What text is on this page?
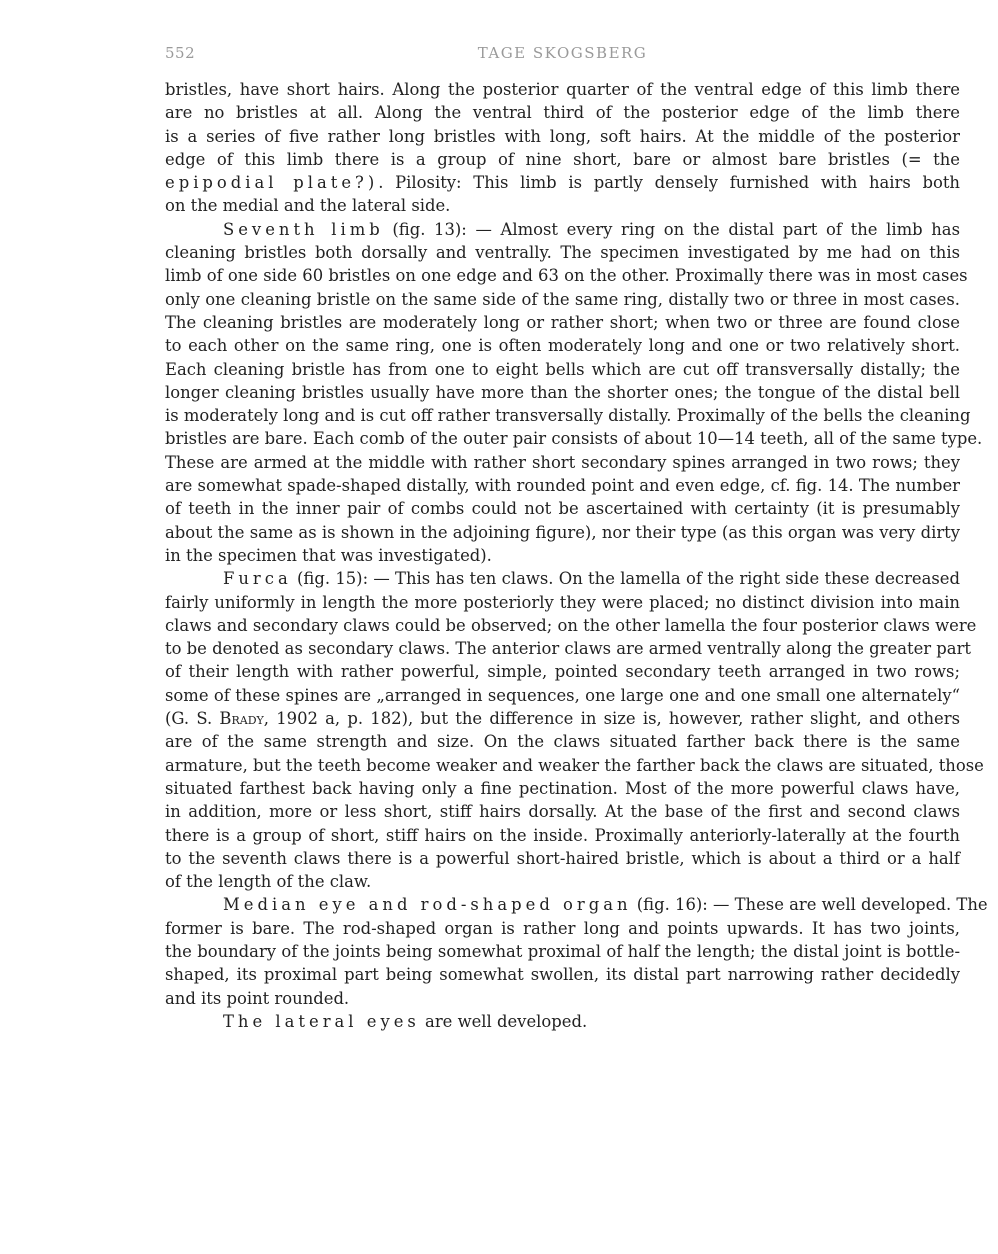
552	TAGE SKOGSBERG
bristles, have short hairs. Along the posterior quarter of the ventral edge of this limb there
are no bristles at all. Along the ventral third of the posterior edge of the limb there
is a series of five rather long bristles with long, soft hairs. At the middle of the posterior
edge of this limb there is a group of nine short, bare or almost bare bristles (= the
epipodial plate?). Pilosity: This limb is partly densely furnished with hairs both
on the medial and the lateral side.
Seventh limb (fig. 13): — Almost every ring on the distal part of the limb has
cleaning bristles both dorsally and ventrally. The specimen investigated by me had on this
limb of one side 60 bristles on one edge and 63 on the other. Proximally there was in most cases
only one cleaning bristle on the same side of the same ring, distally two or three in most cases.
The cleaning bristles are moderately long or rather short; when two or three are found close
to each other on the same ring, one is often moderately long and one or two relatively short.
Each cleaning bristle has from one to eight bells which are cut off transversally distally; the
longer cleaning bristles usually have more than the shorter ones; the tongue of the distal bell
is moderately long and is cut off rather transversally distally. Proximally of the bells the cleaning
bristles are bare. Each comb of the outer pair consists of about 10—14 teeth, all of the same type.
These are armed at the middle with rather short secondary spines arranged in two rows; they
are somewhat spade-shaped distally, with rounded point and even edge, cf. fig. 14. The number
of teeth in the inner pair of combs could not be ascertained with certainty (it is presumably
about the same as is shown in the adjoining figure), nor their type (as this organ was very dirty
in the specimen that was investigated).
Furca (fig. 15): — This has ten claws. On the lamella of the right side these decreased
fairly uniformly in length the more posteriorly they were placed; no distinct division into main
claws and secondary claws could be observed; on the other lamella the four posterior claws were
to be denoted as secondary claws. The anterior claws are armed ventrally along the greater part
of their length with rather powerful, simple, pointed secondary teeth arranged in two rows;
some of these spines are „arranged in sequences, one large one and one small one alternately“
(G. S. Brady, 1902 a, p. 182), but the difference in size is, however, rather slight, and others
are of the same strength and size. On the claws situated farther back there is the same
armature, but the teeth become weaker and weaker the farther back the claws are situated, those
situated farthest back having only a fine pectination. Most of the more powerful claws have,
in addition, more or less short, stiff hairs dorsally. At the base of the first and second claws
there is a group of short, stiff hairs on the inside. Proximally anteriorly-laterally at the fourth
to the seventh claws there is a powerful short-haired bristle, which is about a third or a half
of the length of the claw.
Median eye and rod-shaped organ (fig. 16): — These are well developed. The
former is bare. The rod-shaped organ is rather long and points upwards. It has two joints,
the boundary of the joints being somewhat proximal of half the length; the distal joint is bottle-
shaped, its proximal part being somewhat swollen, its distal part narrowing rather decidedly
and its point rounded.
The lateral eyes are well developed.
